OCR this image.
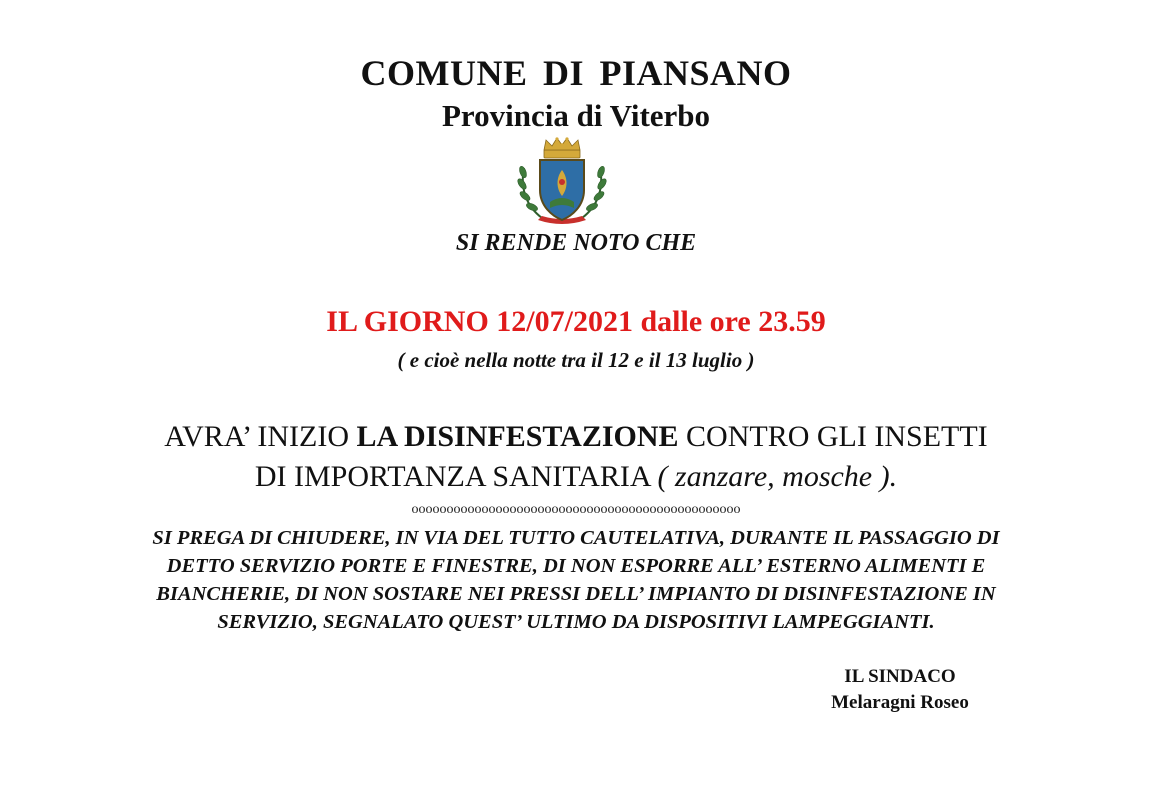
COMUNE DI PIANSANO
Provincia di Viterbo
SI RENDE NOTO CHE
IL GIORNO 12/07/2021 dalle ore 23.59
( e cioè nella notte tra il 12 e il 13 luglio )
AVRA’ INIZIO LA DISINFESTAZIONE CONTRO GLI INSETTI
DI IMPORTANZA SANITARIA ( zanzare, mosche ).
ooooooooooooooooooooooooooooooooooooooooooooooo
SI PREGA DI CHIUDERE, IN VIA DEL TUTTO CAUTELATIVA, DURANTE IL PASSAGGIO DI
DETTO SERVIZIO PORTE E FINESTRE, DI NON ESPORRE ALL’ ESTERNO ALIMENTI E
BIANCHERIE, DI NON SOSTARE NEI PRESSI DELL’ IMPIANTO DI DISINFESTAZIONE IN
SERVIZIO, SEGNALATO QUEST’ ULTIMO DA DISPOSITIVI LAMPEGGIANTI.
IL SINDACO
Melaragni Roseo
